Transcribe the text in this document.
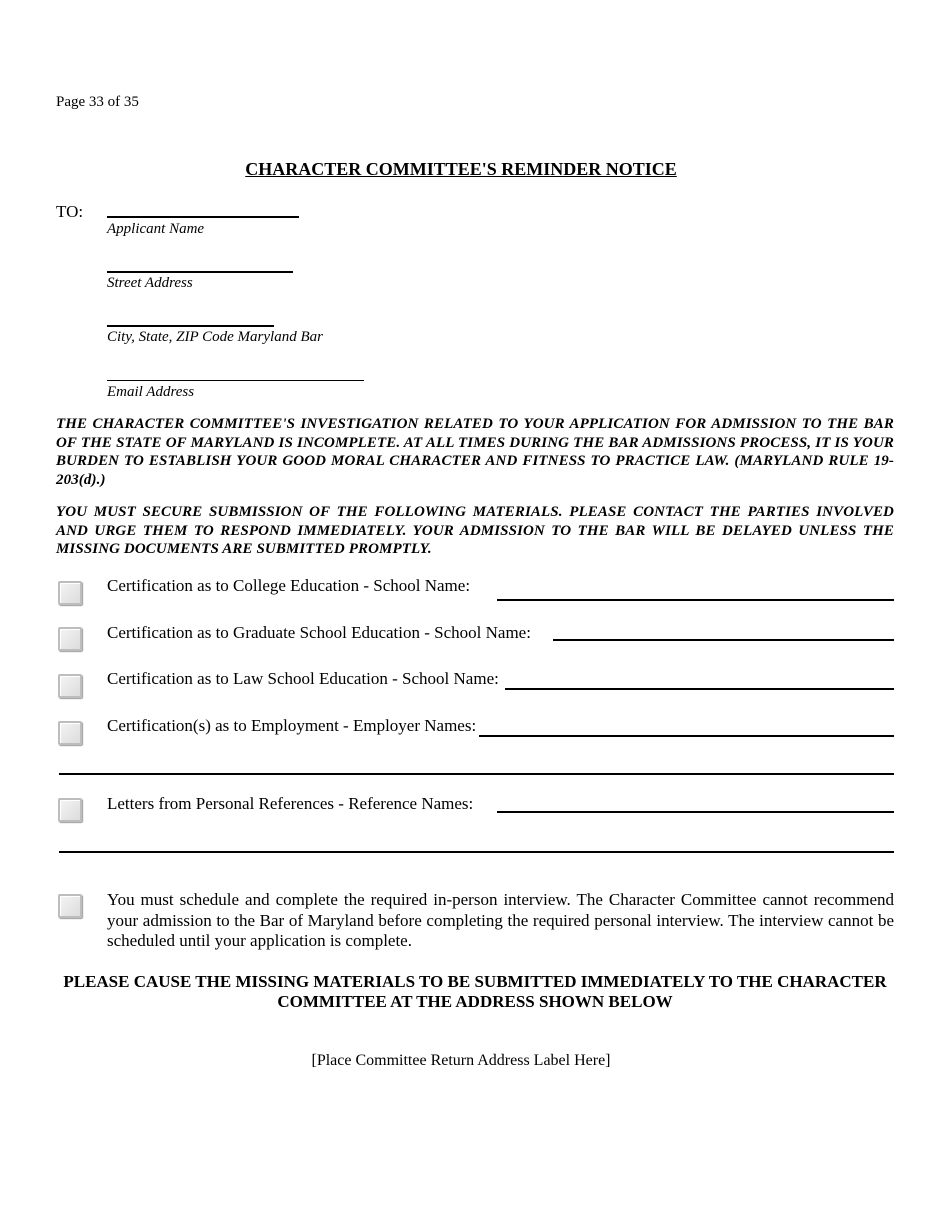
Page 33 of 35
CHARACTER COMMITTEE'S REMINDER NOTICE
TO:
Applicant Name
Street Address
City, State, ZIP Code Maryland Bar
Email Address
THE CHARACTER COMMITTEE'S INVESTIGATION RELATED TO YOUR APPLICATION FOR ADMISSION TO THE BAR OF THE STATE OF MARYLAND IS INCOMPLETE. AT ALL TIMES DURING THE BAR ADMISSIONS PROCESS, IT IS YOUR BURDEN TO ESTABLISH YOUR GOOD MORAL CHARACTER AND FITNESS TO PRACTICE LAW. (MARYLAND RULE 19-203(d).)
YOU MUST SECURE SUBMISSION OF THE FOLLOWING MATERIALS. PLEASE CONTACT THE PARTIES INVOLVED AND URGE THEM TO RESPOND IMMEDIATELY. YOUR ADMISSION TO THE BAR WILL BE DELAYED UNLESS THE MISSING DOCUMENTS ARE SUBMITTED PROMPTLY.
Certification as to College Education - School Name:
Certification as to Graduate School Education - School Name:
Certification as to Law School Education - School Name:
Certification(s) as to Employment - Employer Names:
Letters from Personal References - Reference Names:
You must schedule and complete the required in-person interview. The Character Committee cannot recommend your admission to the Bar of Maryland before completing the required personal interview. The interview cannot be scheduled until your application is complete.
PLEASE CAUSE THE MISSING MATERIALS TO BE SUBMITTED IMMEDIATELY TO THE CHARACTER COMMITTEE AT THE ADDRESS SHOWN BELOW
[Place Committee Return Address Label Here]
